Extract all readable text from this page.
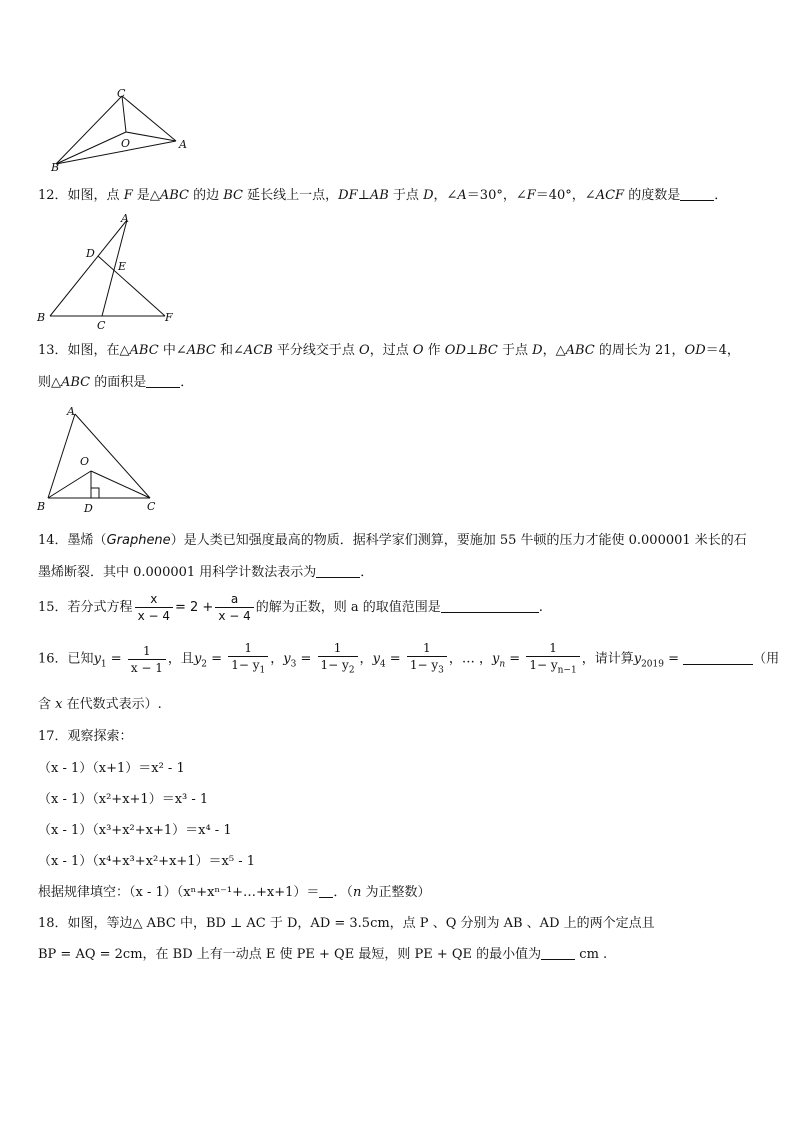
C
O	A
B
12．如图，点 F 是△ABC 的边 BC 延长线上一点，DF⊥AB 于点 D，∠A＝30°，∠F＝40°，∠ACF 的度数是	．
A
D
E
B
C
F
13．如图，在△ABC 中∠ABC 和∠ACB 平分线交于点 O，过点 O 作 OD⊥BC 于点 D，△ABC 的周长为 21，OD＝4，
则△ABC 的面积是	．
A
O
B	D	C
14．墨烯（Graphene）是人类已知强度最高的物质．据科学家们测算，要施加 55 牛顿的压力才能使 0.000001 米长的石
墨烯断裂．其中 0.000001 用科学计数法表示为	．
15．若分式方程 $\frac{x}{x - 4} = 2 + \frac{a}{x - 4}$ 的解为正数，则 a 的取值范围是	.
16．已知$y_1 = \frac{1}{x - 1}$ ，且$y_2 = \frac{1}{1- y_1}$ ，$y_3 = \frac{1}{1- y_2}$ ，$y_4 = \frac{1}{1- y_3}$ ，… ，$y_n = \frac{1}{1- y_{n-1}}$ ，请计算$y_{2019}$ =	（用
含 x 在代数式表示）.
17．观察探索：
（x - 1）（x+1）＝x² - 1
（x - 1）（x²+x+1）＝x³ - 1
（x - 1）（x³+x²+x+1）＝x⁴ - 1
（x - 1）（x⁴+x³+x²+x+1）＝x⁵ - 1
根据规律填空：（x - 1）（xⁿ+xⁿ⁻¹+…+x+1）＝ ．（n 为正整数）
18．如图，等边△ ABC 中，BD ⊥ AC 于 D，AD = 3.5cm，点 P 、Q 分别为 AB 、AD 上的两个定点且
BP = AQ = 2cm，在 BD 上有一动点 E 使 PE + QE 最短，则 PE + QE 的最小值为	cm .
